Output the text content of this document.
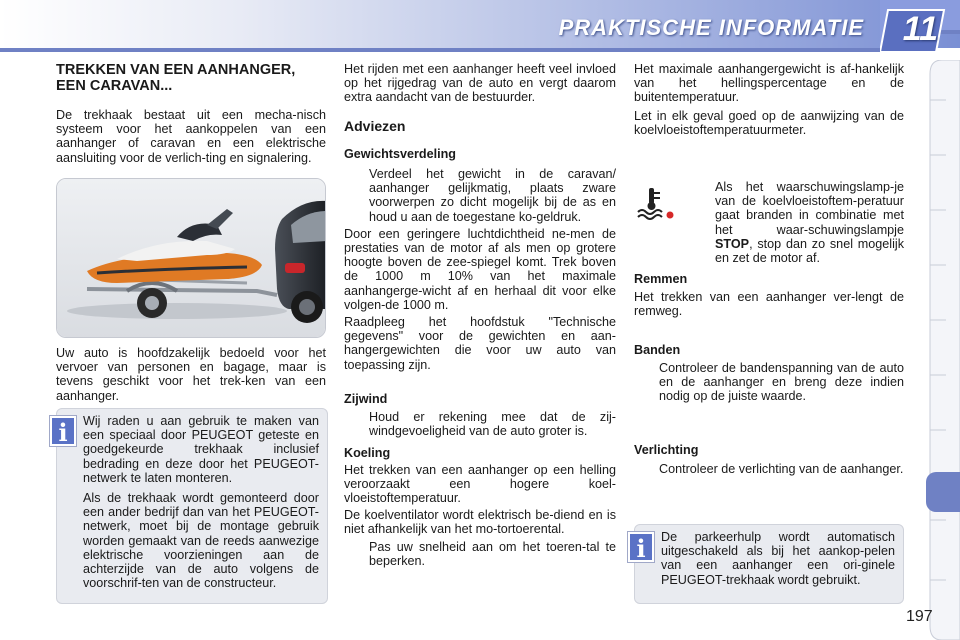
PRAKTISCHE INFORMATIE 11
TREKKEN VAN EEN AANHANGER, EEN CARAVAN...

De trekhaak bestaat uit een mecha-nisch systeem voor het aankoppelen van een aanhanger of caravan en een elektrische aansluiting voor de verlich-ting en signalering.

Uw auto is hoofdzakelijk bedoeld voor het vervoer van personen en bagage, maar is tevens geschikt voor het trek-ken van een aanhanger.

Wij raden u aan gebruik te maken van een speciaal door PEUGEOT geteste en goedgekeurde trekhaak inclusief bedrading en deze door het PEUGEOT-netwerk te laten monteren.

Als de trekhaak wordt gemonteerd door een ander bedrijf dan van het PEUGEOT-netwerk, moet bij de montage gebruik worden gemaakt van de reeds aanwezige elektrische voorzieningen aan de achterzijde van de auto volgens de voorschrif-ten van de constructeur.

i

Het rijden met een aanhanger heeft veel invloed op het rijgedrag van de auto en vergt daarom extra aandacht van de bestuurder.

Adviezen
Gewichtsverdeling
Verdeel het gewicht in de caravan/ aanhanger gelijkmatig, plaats zware voorwerpen zo dicht mogelijk bij de as en houd u aan de toegestane ko-geldruk.

Door een geringere luchtdichtheid ne-men de prestaties van de motor af als men op grotere hoogte boven de zee-spiegel komt. Trek boven de 1000 m 10% van het maximale aanhangerge-wicht af en herhaal dit voor elke volgen-de 1000 m.

Raadpleeg het hoofdstuk "Technische gegevens" voor de gewichten en aan-hangergewichten die voor uw auto van toepassing zijn.

Zijwind
Houd er rekening mee dat de zij-windgevoeligheid van de auto groter is.
Koeling

Het trekken van een aanhanger op een helling veroorzaakt een hogere koel-vloeistoftemperatuur.

De koelventilator wordt elektrisch be-diend en is niet afhankelijk van het mo-tortoerental.

Pas uw snelheid aan om het toeren-tal te beperken.

Het maximale aanhangergewicht is af-hankelijk van het hellingspercentage en de buitentemperatuur.

Let in elk geval goed op de aanwijzing van de koelvloeistoftemperatuurmeter.

Als het waarschuwingslamp-je van de koelvloeistoftem-peratuur gaat branden in combinatie met het waar-schuwingslampje STOP, stop dan zo snel mogelijk en zet de motor af.
Remmen

Het trekken van een aanhanger ver-lengt de remweg.

Banden
Controleer de bandenspanning van de auto en de aanhanger en breng deze indien nodig op de juiste waarde.
Verlichting
Controleer de verlichting van de aanhanger.

De parkeerhulp wordt automatisch uitgeschakeld als bij het aankop-pelen van een aanhanger een ori-ginele PEUGEOT-trekhaak wordt gebruikt.

i
197
